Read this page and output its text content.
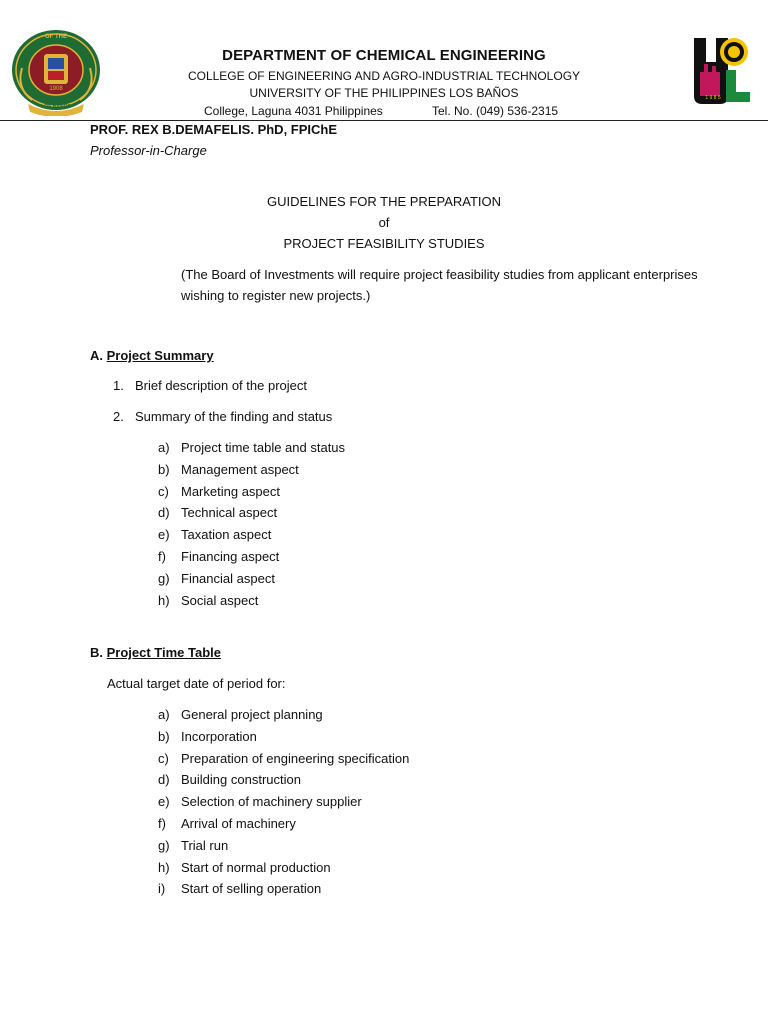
OF THE
1908
LOS BAÑOS
1 9 8 5
DEPARTMENT OF CHEMICAL ENGINEERING
COLLEGE OF ENGINEERING AND AGRO-INDUSTRIAL TECHNOLOGY
UNIVERSITY OF THE PHILIPPINES LOS BAÑOS
College, Laguna 4031 Philippines	Tel. No. (049) 536-2315
PROF. REX B.DEMAFELIS. PhD, FPIChE
Professor-in-Charge
GUIDELINES FOR THE PREPARATION
of
PROJECT FEASIBILITY STUDIES
(The Board of Investments will require project feasibility studies from applicant enterprises wishing to register new projects.)
A. Project Summary
1. Brief description of the project
2. Summary of the finding and status
a) Project time table and status
b) Management aspect
c) Marketing aspect
d) Technical aspect
e) Taxation aspect
f) Financing aspect
g) Financial aspect
h) Social aspect
B. Project Time Table
Actual target date of period for:
a) General project planning
b) Incorporation
c) Preparation of engineering specification
d) Building construction
e) Selection of machinery supplier
f) Arrival of machinery
g) Trial run
h) Start of normal production
i) Start of selling operation
